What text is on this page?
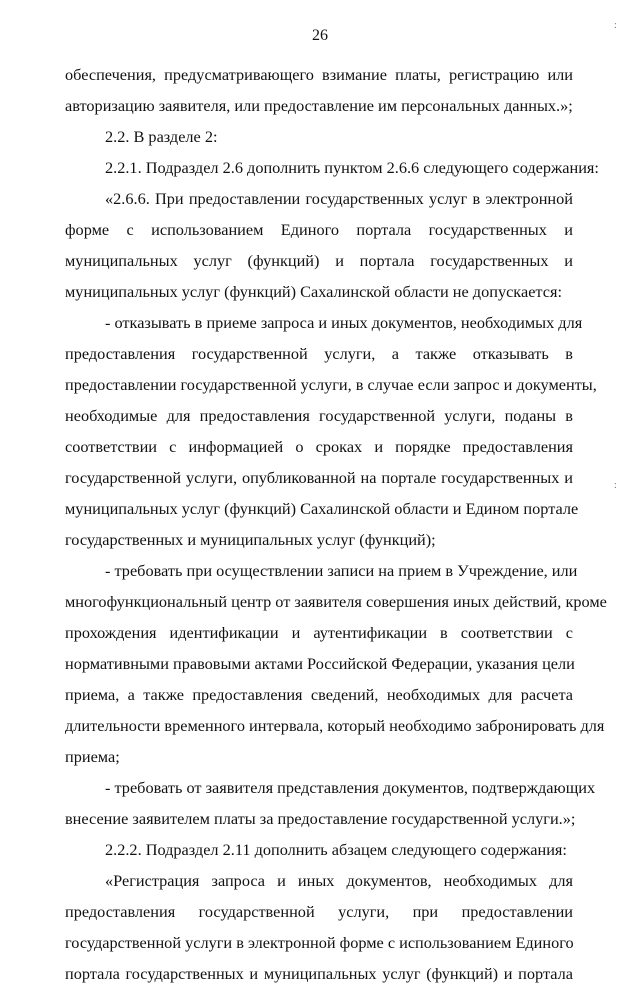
26
обеспечения, предусматривающего взимание платы, регистрацию или
авторизацию заявителя, или предоставление им персональных данных.»;
2.2. В разделе 2:
2.2.1. Подраздел 2.6 дополнить пунктом 2.6.6 следующего содержания:
«2.6.6. При предоставлении государственных услуг в электронной
форме с использованием Единого портала государственных и
муниципальных услуг (функций) и портала государственных и
муниципальных услуг (функций) Сахалинской области не допускается:
- отказывать в приеме запроса и иных документов, необходимых для
предоставления государственной услуги, а также отказывать в
предоставлении государственной услуги, в случае если запрос и документы,
необходимые для предоставления государственной услуги, поданы в
соответствии с информацией о сроках и порядке предоставления
государственной услуги, опубликованной на портале государственных и
муниципальных услуг (функций) Сахалинской области и Едином портале
государственных и муниципальных услуг (функций);
- требовать при осуществлении записи на прием в Учреждение, или
многофункциональный центр от заявителя совершения иных действий, кроме
прохождения идентификации и аутентификации в соответствии с
нормативными правовыми актами Российской Федерации, указания цели
приема, а также предоставления сведений, необходимых для расчета
длительности временного интервала, который необходимо забронировать для
приема;
- требовать от заявителя представления документов, подтверждающих
внесение заявителем платы за предоставление государственной услуги.»;
2.2.2. Подраздел 2.11 дополнить абзацем следующего содержания:
«Регистрация запроса и иных документов, необходимых для
предоставления государственной услуги, при предоставлении
государственной услуги в электронной форме с использованием Единого
портала государственных и муниципальных услуг (функций) и портала
:
:
